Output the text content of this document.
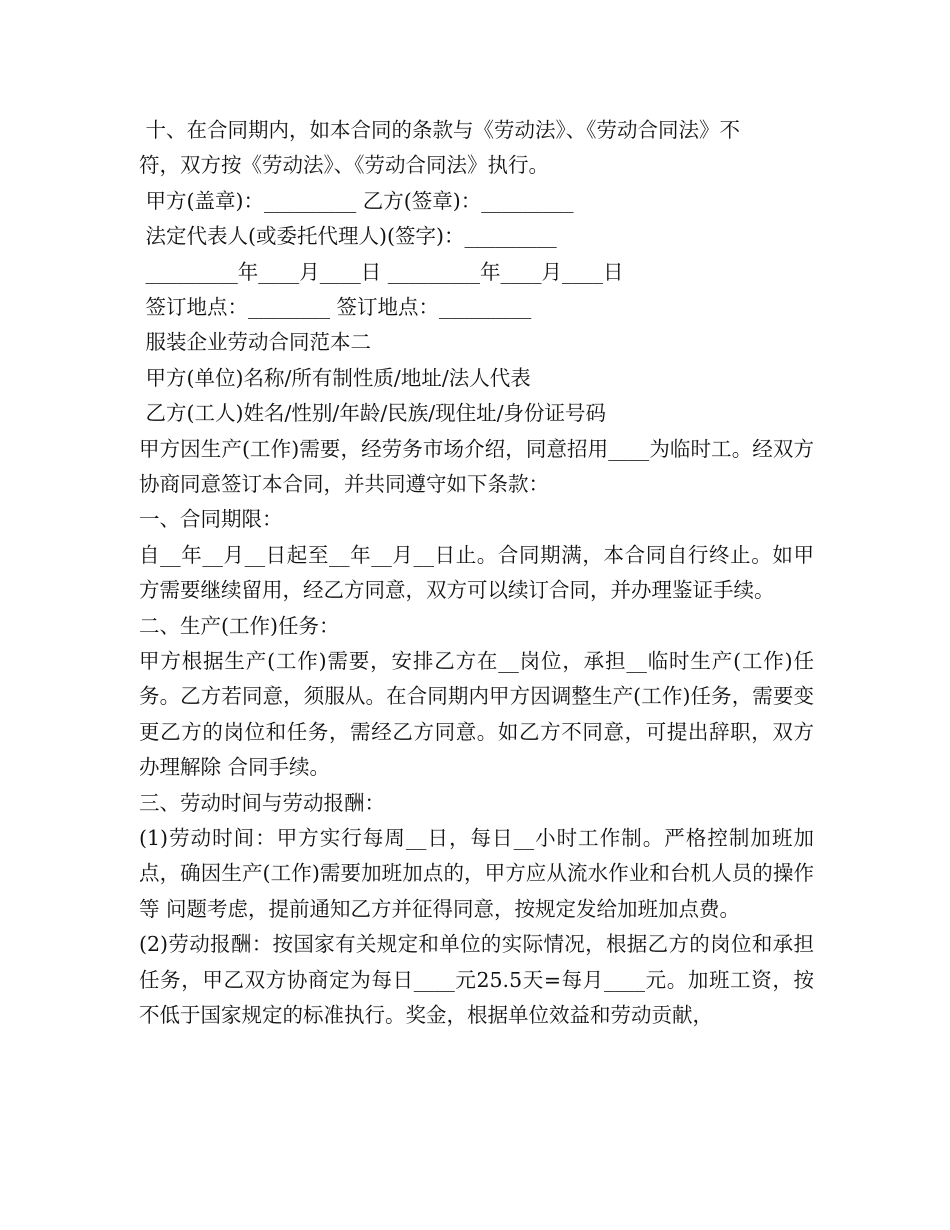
十、在合同期内，如本合同的条款与《劳动法》、《劳动合同法》不
符，双方按《劳动法》、《劳动合同法》执行。
甲方(盖章)：_________ 乙方(签章)：_________
法定代表人(或委托代理人)(签字)：_________
_________年____月____日 _________年____月____日
签订地点：________ 签订地点：_________
服装企业劳动合同范本二
甲方(单位)名称/所有制性质/地址/法人代表
乙方(工人)姓名/性别/年龄/民族/现住址/身份证号码
甲方因生产(工作)需要，经劳务市场介绍，同意招用____为临时工。经双方协商同意签订本合同，并共同遵守如下条款：
一、合同期限：
自__年__月__日起至__年__月__日止。合同期满，本合同自行终止。如甲方需要继续留用，经乙方同意，双方可以续订合同，并办理鉴证手续。
二、生产(工作)任务：
甲方根据生产(工作)需要，安排乙方在__岗位，承担__临时生产(工作)任务。乙方若同意，须服从。在合同期内甲方因调整生产(工作)任务，需要变 更乙方的岗位和任务，需经乙方同意。如乙方不同意，可提出辞职，双方办理解除 合同手续。
三、劳动时间与劳动报酬：
(1)劳动时间：甲方实行每周__日，每日__小时工作制。严格控制加班加点，确因生产(工作)需要加班加点的，甲方应从流水作业和台机人员的操作等 问题考虑，提前通知乙方并征得同意，按规定发给加班加点费。
(2)劳动报酬：按国家有关规定和单位的实际情况，根据乙方的岗位和承担任务，甲乙双方协商定为每日____元25.5天=每月____元。加班工资，按不低于国家规定的标准执行。奖金，根据单位效益和劳动贡献，
